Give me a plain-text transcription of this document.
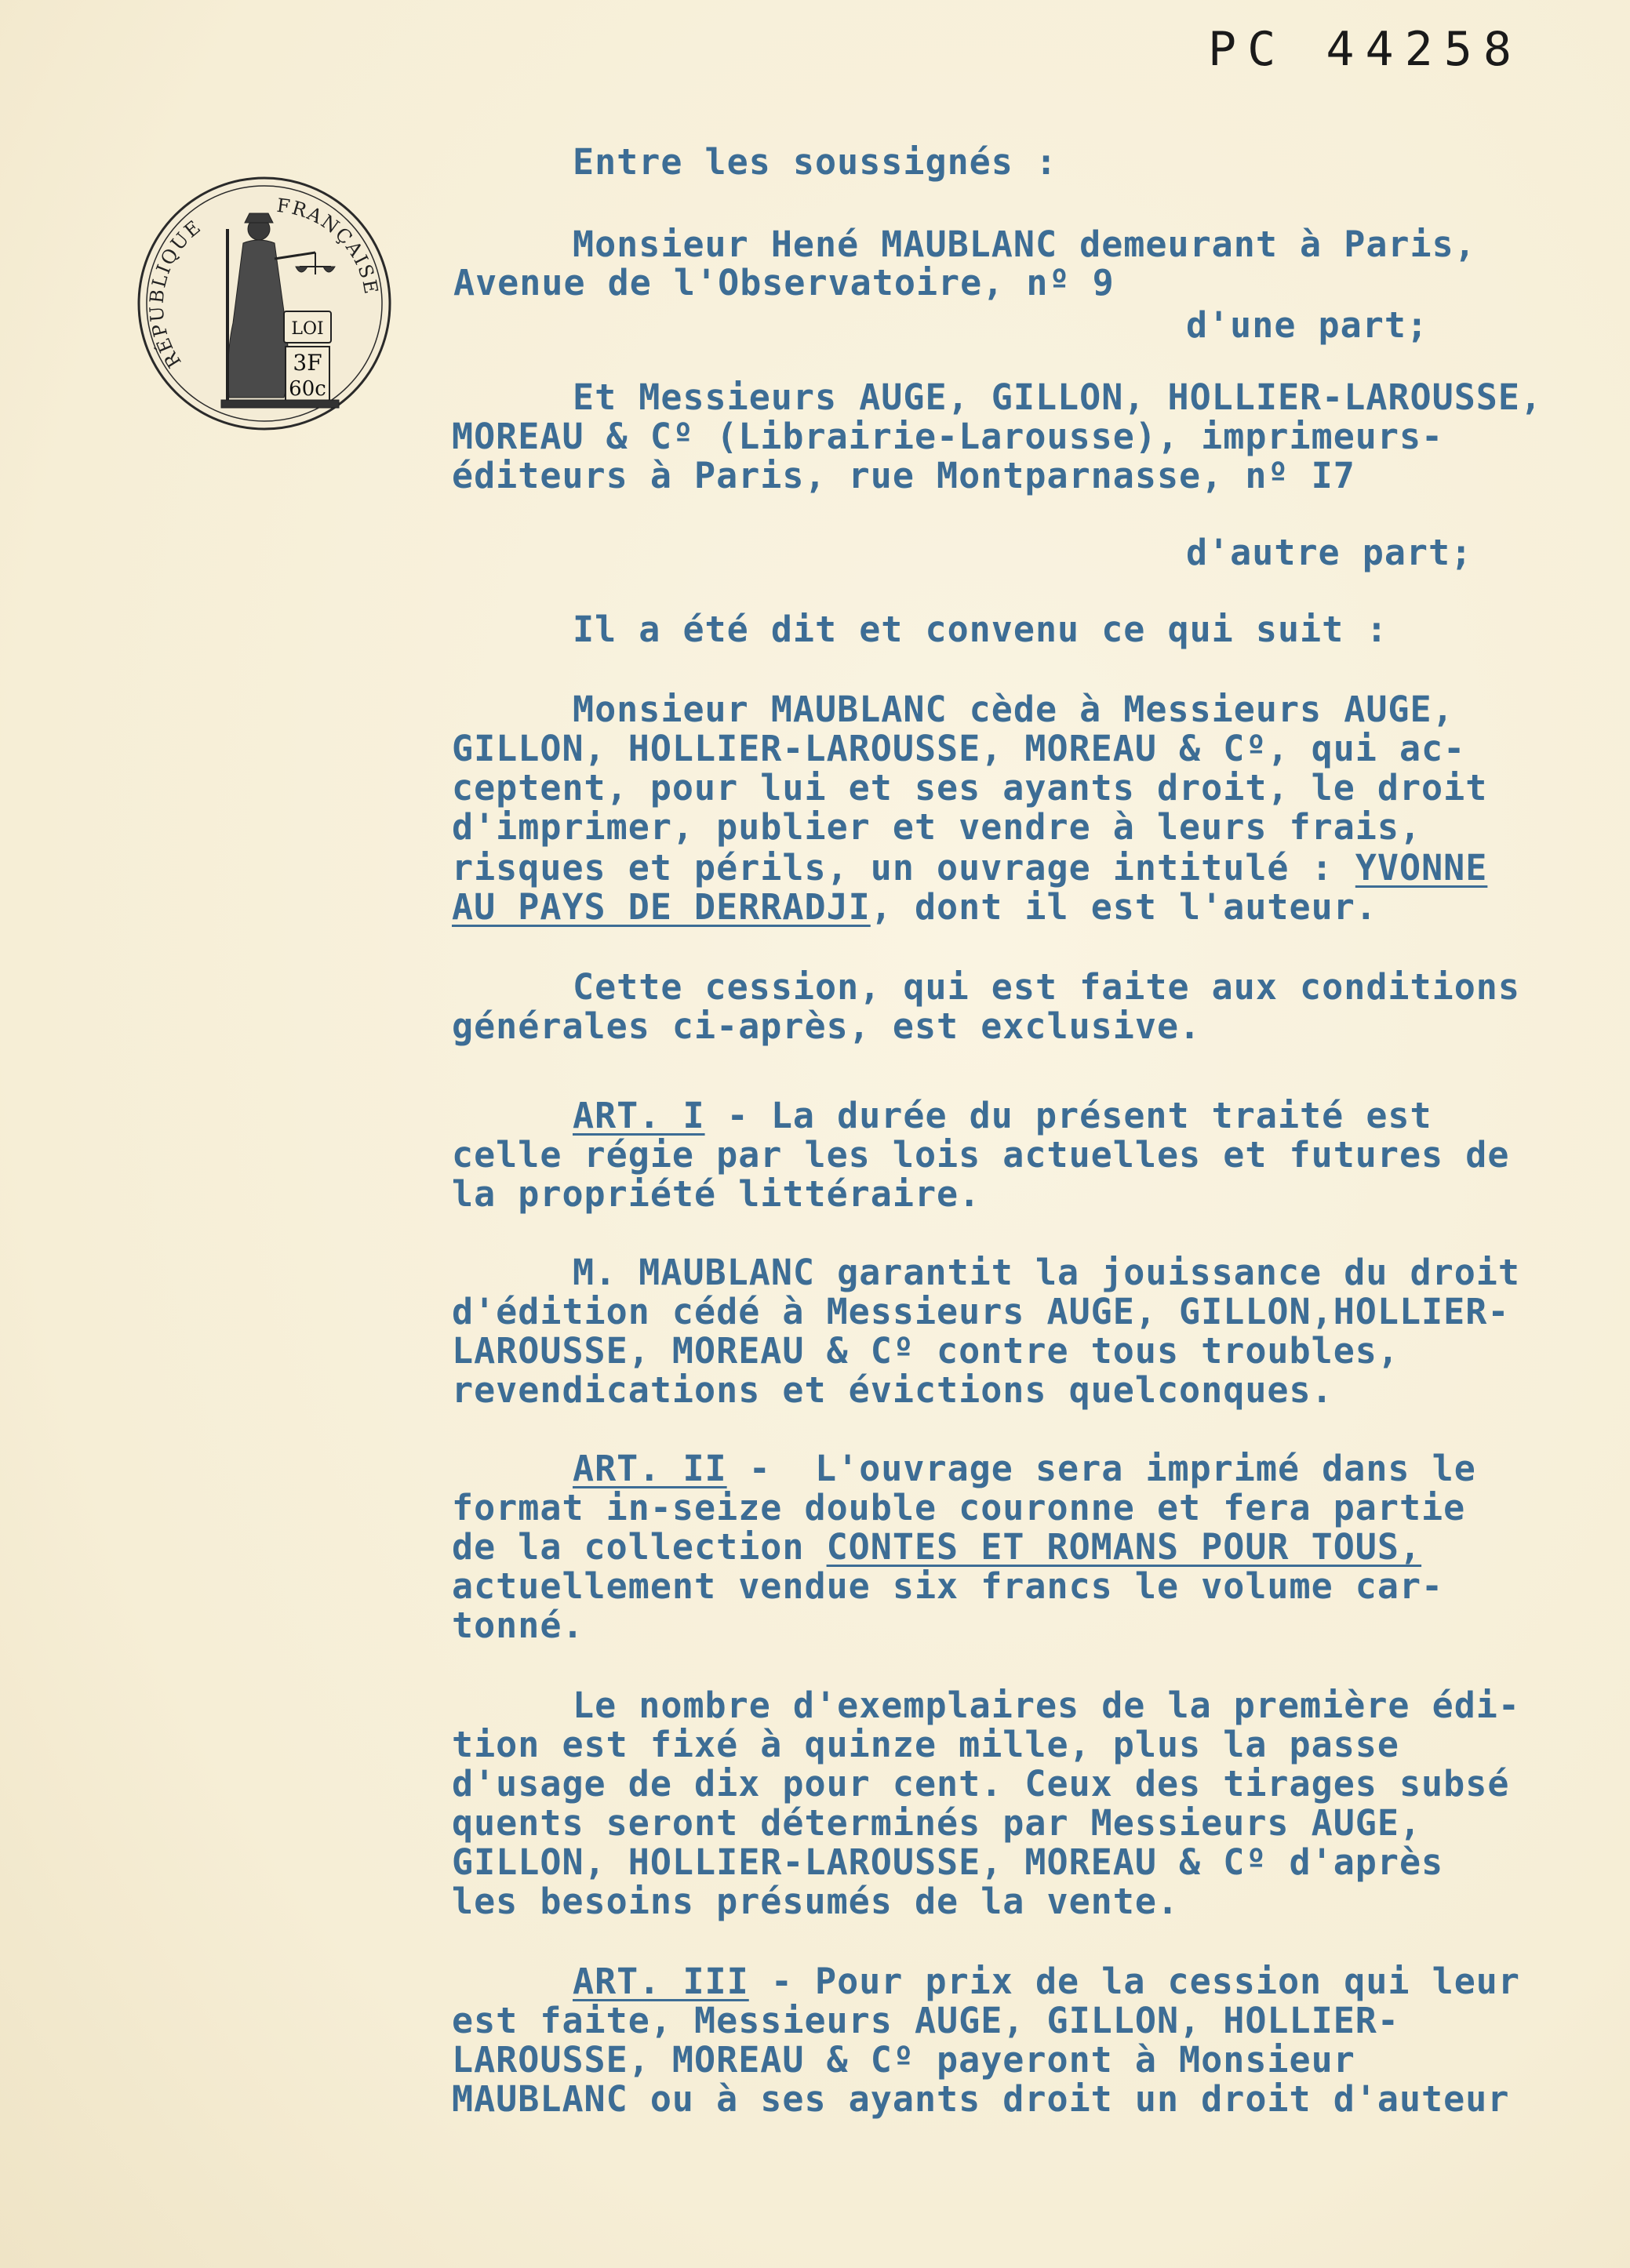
PC 44258
RÉPUBLIQUE
FRANÇAISE
LOI
3F
60c
Entre les soussignés :
Monsieur Hené MAUBLANC demeurant à Paris,
Avenue de l'Observatoire, nº 9
d'une part;
Et Messieurs AUGE, GILLON, HOLLIER-LAROUSSE,
MOREAU & Cº (Librairie-Larousse), imprimeurs-
éditeurs à Paris, rue Montparnasse, nº I7
d'autre part;
Il a été dit et convenu ce qui suit :
Monsieur MAUBLANC cède à Messieurs AUGE,
GILLON, HOLLIER-LAROUSSE, MOREAU & Cº, qui ac-
ceptent, pour lui et ses ayants droit, le droit
d'imprimer, publier et vendre à leurs frais,
risques et périls, un ouvrage intitulé : YVONNE
AU PAYS DE DERRADJI, dont il est l'auteur.
Cette cession, qui est faite aux conditions
générales ci-après, est exclusive.
ART. I - La durée du présent traité est
celle régie par les lois actuelles et futures de
la propriété littéraire.
M. MAUBLANC garantit la jouissance du droit
d'édition cédé à Messieurs AUGE, GILLON,HOLLIER-
LAROUSSE, MOREAU & Cº contre tous troubles,
revendications et évictions quelconques.
ART. II -  L'ouvrage sera imprimé dans le
format in-seize double couronne et fera partie
de la collection CONTES ET ROMANS POUR TOUS,
actuellement vendue six francs le volume car-
tonné.
Le nombre d'exemplaires de la première édi-
tion est fixé à quinze mille, plus la passe
d'usage de dix pour cent. Ceux des tirages subsé
quents seront déterminés par Messieurs AUGE,
GILLON, HOLLIER-LAROUSSE, MOREAU & Cº d'après
les besoins présumés de la vente.
ART. III - Pour prix de la cession qui leur
est faite, Messieurs AUGE, GILLON, HOLLIER-
LAROUSSE, MOREAU & Cº payeront à Monsieur
MAUBLANC ou à ses ayants droit un droit d'auteur
